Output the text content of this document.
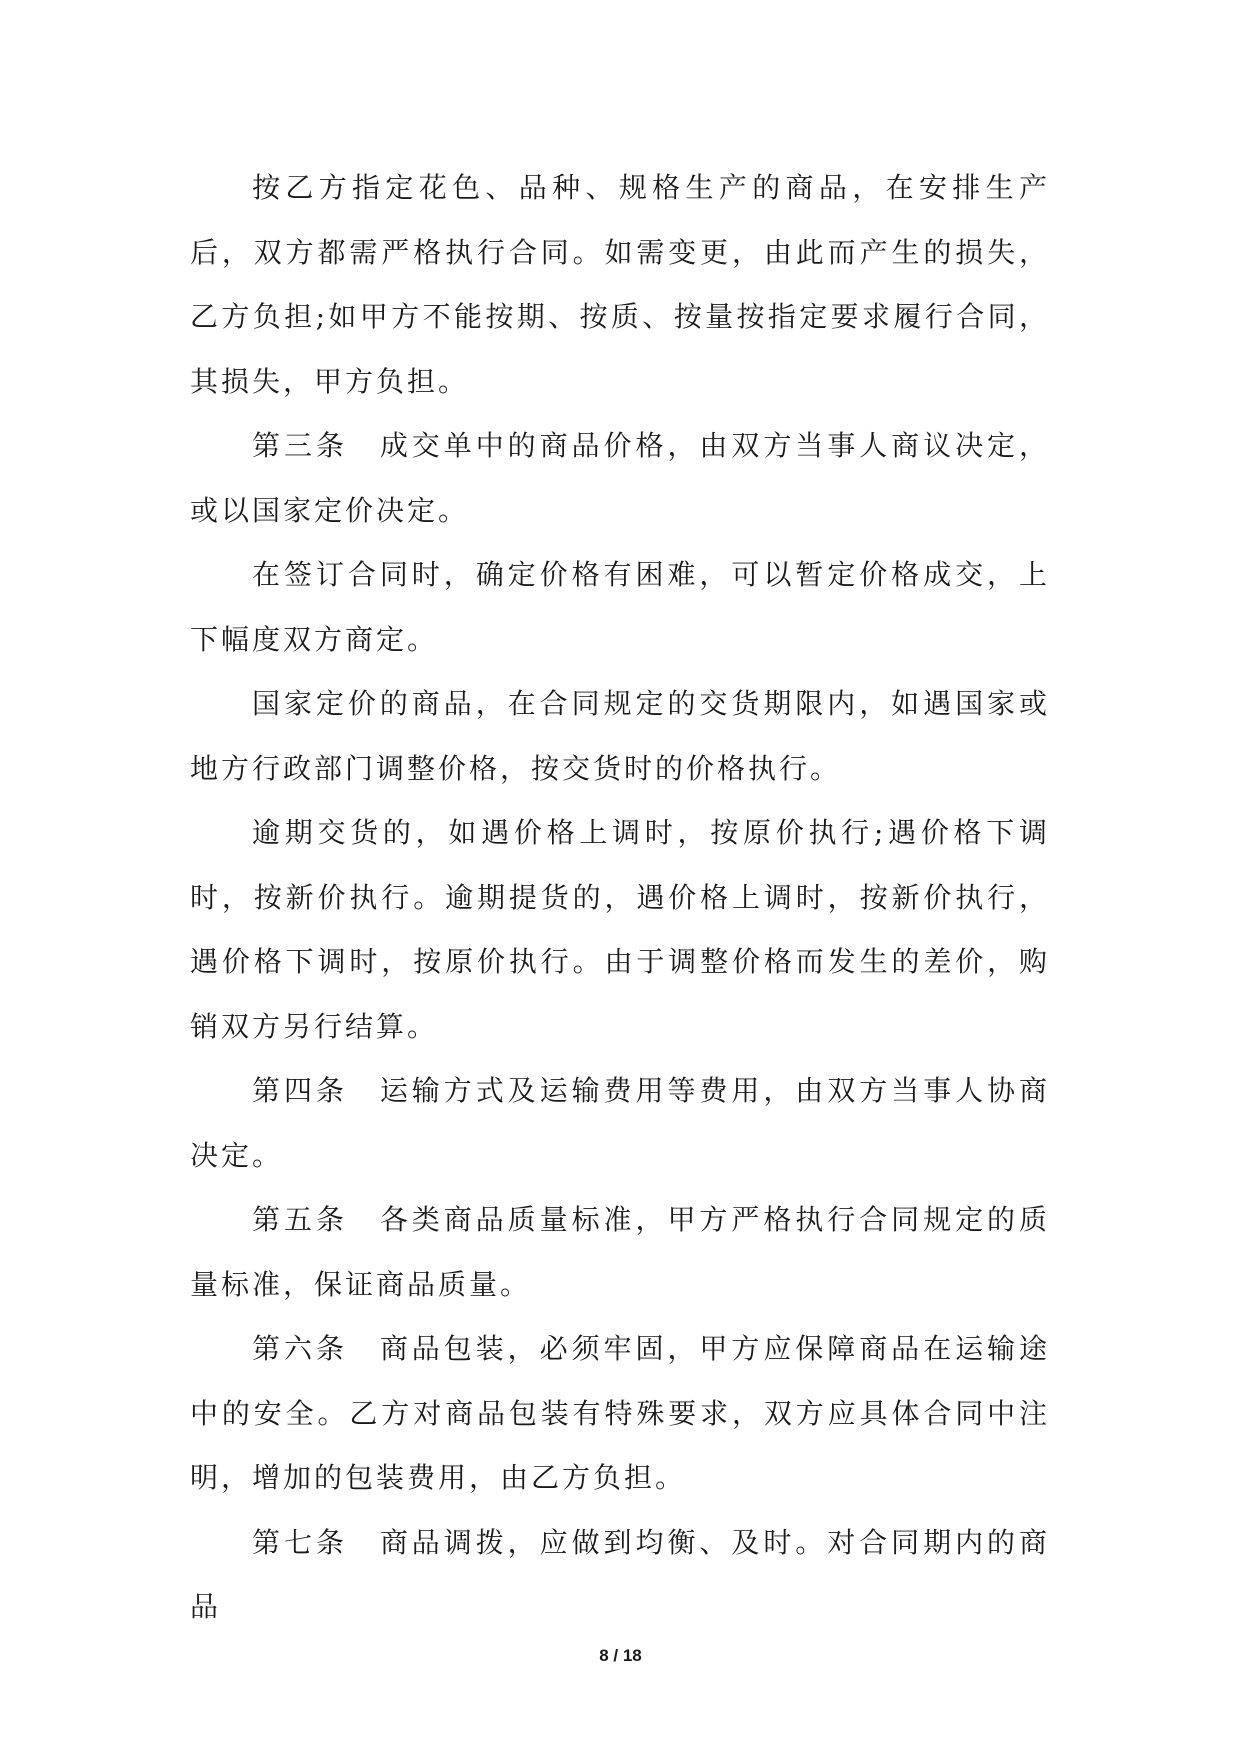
按乙方指定花色、品种、规格生产的商品，在安排生产后，双方都需严格执行合同。如需变更，由此而产生的损失，乙方负担;如甲方不能按期、按质、按量按指定要求履行合同，其损失，甲方负担。

第三条　成交单中的商品价格，由双方当事人商议决定，或以国家定价决定。

在签订合同时，确定价格有困难，可以暂定价格成交，上下幅度双方商定。

国家定价的商品，在合同规定的交货期限内，如遇国家或地方行政部门调整价格，按交货时的价格执行。

逾期交货的，如遇价格上调时，按原价执行;遇价格下调时，按新价执行。逾期提货的，遇价格上调时，按新价执行，遇价格下调时，按原价执行。由于调整价格而发生的差价，购销双方另行结算。

第四条　运输方式及运输费用等费用，由双方当事人协商决定。

第五条　各类商品质量标准，甲方严格执行合同规定的质量标准，保证商品质量。

第六条　商品包装，必须牢固，甲方应保障商品在运输途中的安全。乙方对商品包装有特殊要求，双方应具体合同中注明，增加的包装费用，由乙方负担。

第七条　商品调拨，应做到均衡、及时。对合同期内的商品

8 / 18
